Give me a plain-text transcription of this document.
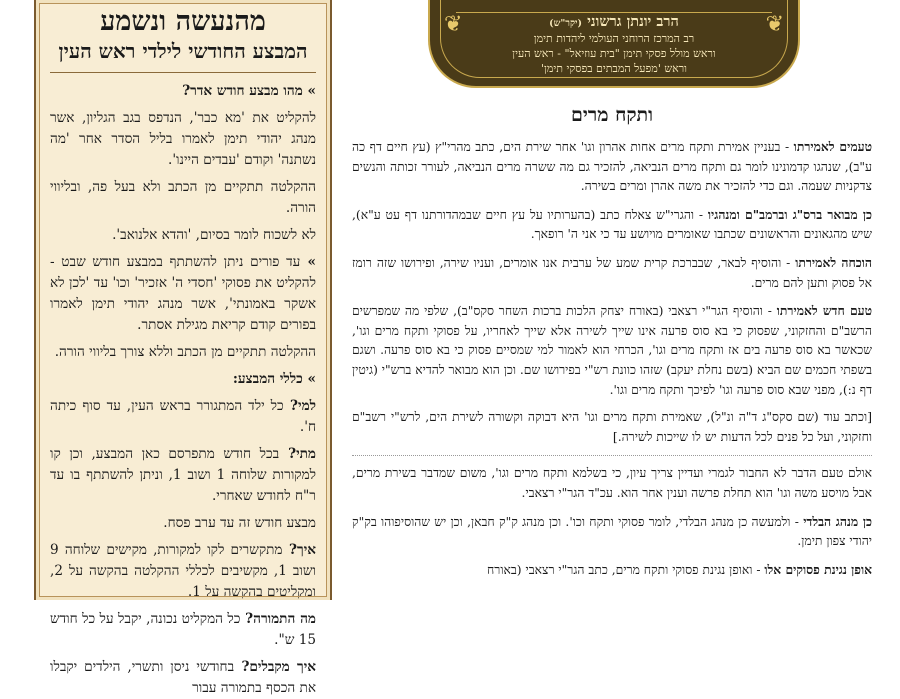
מהנעשה ונשמע
המבצע החודשי לילדי ראש העין

» מהו מבצע חודש אדר?

להקליט את 'מא כבר', הנדפס בגב הגליון, אשר מנהג יהודי תימן לאמרו בליל הסדר אחר 'מה נשתנה' וקודם 'עבדים היינו'.

ההקלטה תתקיים מן הכתב ולא בעל פה, ובליווי הורה.

לא לשכוח לומר בסיום, 'והדא אלנואב'.

» עד פורים ניתן להשתתף במבצע חודש שבט - להקליט את פסוקי 'חסדי ה' אזכיר' וכו' עד 'לכן לא אשקר באמונתי', אשר מנהג יהודי תימן לאמרו בפורים קודם קריאת מגילת אסתר.

ההקלטה תתקיים מן הכתב וללא צורך בליווי הורה.

» כללי המבצע:

למי? כל ילד המתגורר בראש העין, עד סוף כיתה ח'.

מתי? בכל חודש מתפרסם כאן המבצע, וכן קו למקורות שלוחה 1 ושוב 1, וניתן להשתתף בו עד ר"ח לחודש שאחרי.

מבצע חודש זה עד ערב פסח.

איך? מתקשרים לקו למקורות, מקישים שלוחה 9 ושוב 1, מקשיבים לכללי ההקלטה בהקשה על 2, ומקליטים בהקשה על 1.

מה התמורה? כל המקליט נכונה, יקבל על כל חודש 15 ש".

איך מקבלים? בחודשי ניסן ותשרי, הילדים יקבלו את הכסף בתמורה עבור

❦
❦	הרב יונתן גרשוני (יקר"ש)
רב המרכז הרוחני העולמי ליהדות תימן
וראש מולל פסקי תימן "בית עוזיאל" - ראש העין
וראש 'מפעל המבתים בפסקי תימן'
ותקח מרים

טעמים לאמירתו - בעניין אמירת ותקח מרים אחות אהרון וגו' אחר שירת הים, כתב מהרי"ץ (עץ חיים דף כה ע"ב), שנהגו קדמונינו לומר גם ותקח מרים הנביאה, להזכיר גם מה ששרה מרים הנביאה, לעורר זכותה והנשים צדקניות שעמה. וגם כדי להזכיר את משה אהרן ומרים בשירה.

כן מבואר ברס"ג וברמב"ם ומנהגיו - והגרי"ש צאלח כתב (בהערותיו על עץ חיים שבמהדורתנו דף עט ע"א), שיש מהגאונים והראשונים שכתבו שאומרים מויושע עד כי אני ה' רופאך.

הוכחה לאמירתו - והוסיף לבאר, שבברכת קרית שמע של ערבית אנו אומרים, ועניו שירה, ופירושו שזה רומז אל פסוק ותען להם מרים.

טעם חדש לאמירתו - והוסיף הגר"י רצאבי (באורח יצחק הלכות ברכות השחר סקס"ב), שלפי מה שמפרשים הרשב"ם והחזקוני, שפסוק כי בא סוס פרעה אינו שייך לשירה אלא שייך לאחריו, על פסוקי ותקח מרים וגו', שכאשר בא סוס פרעה בים אז ותקח מרים וגו', הכרחי הוא לאמור למי שמסיים פסוק כי בא סוס פרעה. ושגם בשפתי חכמים שם הביא (בשם נחלת יעקב) שזהו כוונת רש"י בפירושו שם. וכן הוא מבואר להדיא ברש"י (גיטין דף נ:), מפני שבא סוס פרעה וגו' לפיכך ותקח מרים וגו'.

[וכתב עוד (שם סקס"ג ד"ה ונ"ל), שאמירת ותקח מרים וגו' היא דבוקה וקשורה לשירת הים, לרש"י רשב"ם וחזקוני, ועל כל פנים לכל הדעות יש לו שייכות לשירה.]

אולם טעם הדבר לא החבור לגמרי ועדיין צריך עיון, כי בשלמא ותקח מרים וגו', משום שמדבר בשירת מרים, אבל מויסע משה וגו' הוא תחלת פרשה וענין אחר הוא. עכ"ד הגר"י רצאבי.

כן מנהג הבלדי - ולמעשה כן מנהג הבלדי, לומר פסוקי ותקח וכו'. וכן מנהג ק"ק חבאן, וכן יש שהוסיפוהו בק"ק יהודי צפון תימן.

אופן נגינת פסוקים אלו - ואופן נגינת פסוקי ותקח מרים, כתב הגר"י רצאבי (באורח
